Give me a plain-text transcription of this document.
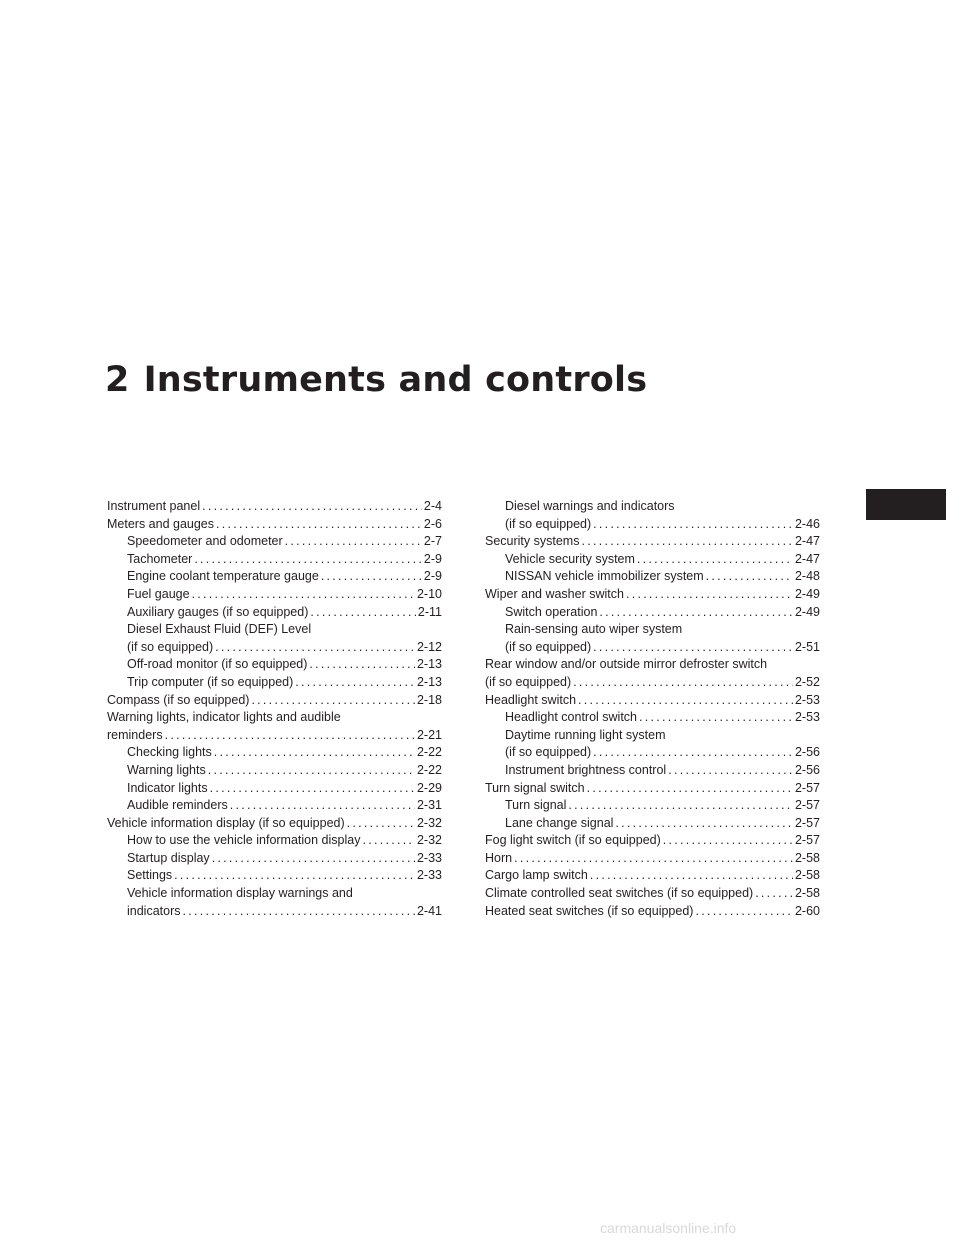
2 Instruments and controls
Instrument panel . . .	2-4
Meters and gauges . . .	2-6
Speedometer and odometer . . .	2-7
Tachometer . . .	2-9
Engine coolant temperature gauge . . .	2-9
Fuel gauge . . .	2-10
Auxiliary gauges (if so equipped) . . .	2-11
Diesel Exhaust Fluid (DEF) Level
(if so equipped) . . .	2-12
Off-road monitor (if so equipped) . . .	2-13
Trip computer (if so equipped) . . .	2-13
Compass (if so equipped) . . .	2-18
Warning lights, indicator lights and audible
reminders . . .	2-21
Checking lights . . .	2-22
Warning lights . . .	2-22
Indicator lights . . .	2-29
Audible reminders . . .	2-31
Vehicle information display (if so equipped) . . .	2-32
How to use the vehicle information display . . .	2-32
Startup display . . .	2-33
Settings . . .	2-33
Vehicle information display warnings and
indicators . . .	2-41
Diesel warnings and indicators
(if so equipped) . . .	2-46
Security systems . . .	2-47
Vehicle security system . . .	2-47
NISSAN vehicle immobilizer system . . .	2-48
Wiper and washer switch . . .	2-49
Switch operation . . .	2-49
Rain-sensing auto wiper system
(if so equipped) . . .	2-51
Rear window and/or outside mirror defroster switch
(if so equipped) . . .	2-52
Headlight switch . . .	2-53
Headlight control switch . . .	2-53
Daytime running light system
(if so equipped) . . .	2-56
Instrument brightness control . . .	2-56
Turn signal switch . . .	2-57
Turn signal . . .	2-57
Lane change signal . . .	2-57
Fog light switch (if so equipped) . . .	2-57
Horn . . .	2-58
Cargo lamp switch . . .	2-58
Climate controlled seat switches (if so equipped) . . .	2-58
Heated seat switches (if so equipped) . . .	2-60
carmanualsonline.info
